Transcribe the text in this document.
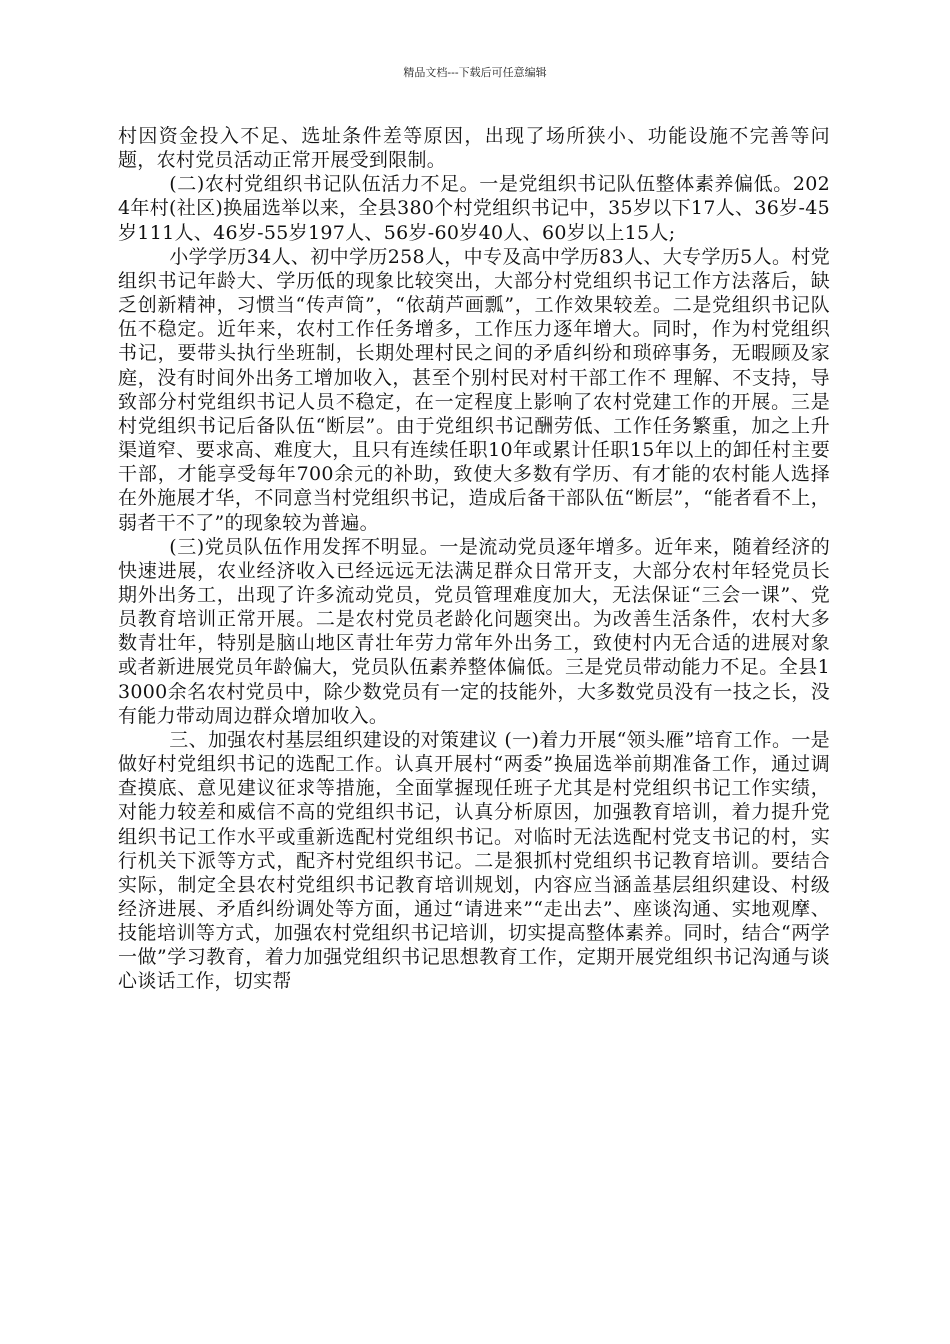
精品文档---下载后可任意编辑

村因资金投入不足、选址条件差等原因，出现了场所狭小、功能设施不完善等问题，农村党员活动正常开展受到限制。

(二)农村党组织书记队伍活力不足。一是党组织书记队伍整体素养偏低。2024年村(社区)换届选举以来，全县380个村党组织书记中，35岁以下17人、36岁-45岁111人、46岁-55岁197人、56岁-60岁40人、60岁以上15人;

小学学历34人、初中学历258人，中专及高中学历83人、大专学历5人。村党组织书记年龄大、学历低的现象比较突出，大部分村党组织书记工作方法落后，缺乏创新精神，习惯当“传声筒”，“依葫芦画瓢”，工作效果较差。二是党组织书记队伍不稳定。近年来，农村工作任务增多，工作压力逐年增大。同时，作为村党组织书记，要带头执行坐班制，长期处理村民之间的矛盾纠纷和琐碎事务，无暇顾及家庭，没有时间外出务工增加收入，甚至个别村民对村干部工作不 理解、不支持，导致部分村党组织书记人员不稳定，在一定程度上影响了农村党建工作的开展。三是村党组织书记后备队伍“断层”。由于党组织书记酬劳低、工作任务繁重，加之上升渠道窄、要求高、难度大，且只有连续任职10年或累计任职15年以上的卸任村主要干部，才能享受每年700余元的补助，致使大多数有学历、有才能的农村能人选择在外施展才华，不同意当村党组织书记，造成后备干部队伍“断层”，“能者看不上，弱者干不了”的现象较为普遍。

(三)党员队伍作用发挥不明显。一是流动党员逐年增多。近年来，随着经济的快速进展，农业经济收入已经远远无法满足群众日常开支，大部分农村年轻党员长期外出务工，出现了许多流动党员，党员管理难度加大，无法保证“三会一课”、党员教育培训正常开展。二是农村党员老龄化问题突出。为改善生活条件，农村大多数青壮年，特别是脑山地区青壮年劳力常年外出务工，致使村内无合适的进展对象或者新进展党员年龄偏大，党员队伍素养整体偏低。三是党员带动能力不足。全县13000余名农村党员中，除少数党员有一定的技能外，大多数党员没有一技之长，没有能力带动周边群众增加收入。

三、加强农村基层组织建设的对策建议 (一)着力开展“领头雁”培育工作。一是做好村党组织书记的选配工作。认真开展村“两委”换届选举前期准备工作，通过调查摸底、意见建议征求等措施，全面掌握现任班子尤其是村党组织书记工作实绩，对能力较差和威信不高的党组织书记，认真分析原因，加强教育培训，着力提升党组织书记工作水平或重新选配村党组织书记。对临时无法选配村党支书记的村，实行机关下派等方式，配齐村党组织书记。二是狠抓村党组织书记教育培训。要结合实际，制定全县农村党组织书记教育培训规划，内容应当涵盖基层组织建设、村级经济进展、矛盾纠纷调处等方面，通过“请进来”“走出去”、座谈沟通、实地观摩、技能培训等方式，加强农村党组织书记培训，切实提高整体素养。同时，结合“两学一做”学习教育，着力加强党组织书记思想教育工作，定期开展党组织书记沟通与谈心谈话工作，切实帮
